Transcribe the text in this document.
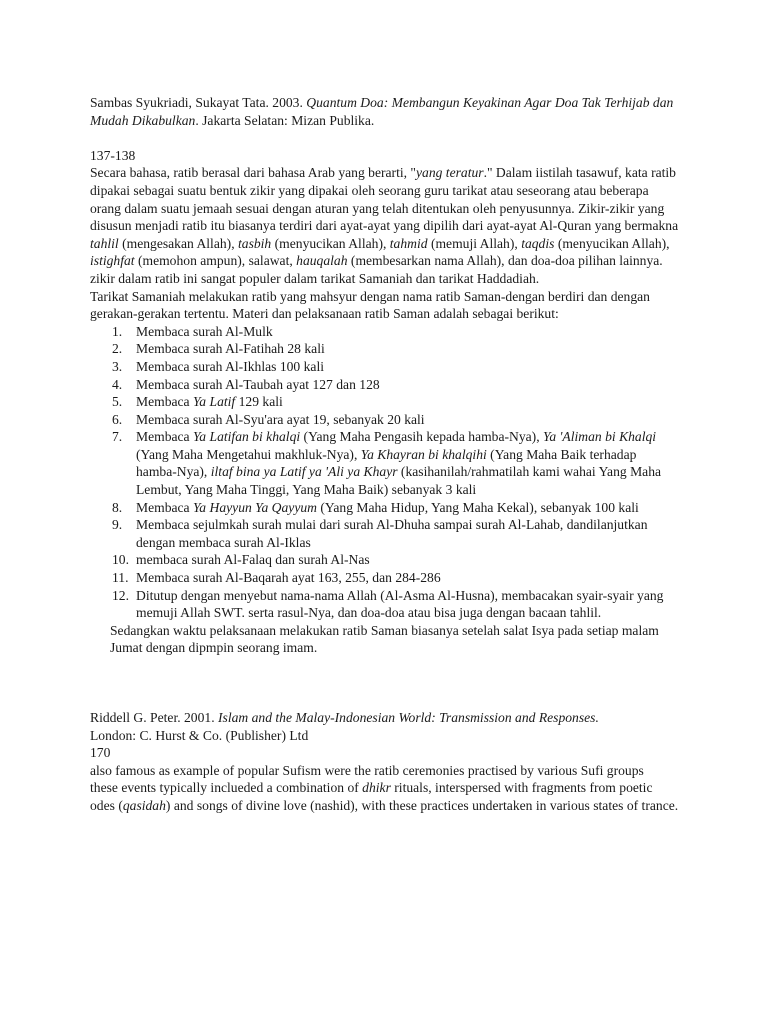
Sambas Syukriadi, Sukayat Tata. 2003. Quantum Doa: Membangun Keyakinan Agar Doa Tak Terhijab dan Mudah Dikabulkan. Jakarta Selatan: Mizan Publika.

137-138

Secara bahasa, ratib berasal dari bahasa Arab yang berarti, "yang teratur." Dalam iistilah tasawuf, kata ratib dipakai sebagai suatu bentuk zikir yang dipakai oleh seorang guru tarikat atau seseorang atau beberapa orang dalam suatu jemaah sesuai dengan aturan yang telah ditentukan oleh penyusunnya. Zikir-zikir yang disusun menjadi ratib itu biasanya terdiri dari ayat-ayat yang dipilih dari ayat-ayat Al-Quran yang bermakna tahlil (mengesakan Allah), tasbih (menyucikan Allah), tahmid (memuji Allah), taqdis (menyucikan Allah), istighfat (memohon ampun), salawat, hauqalah (membesarkan nama Allah), dan doa-doa pilihan lainnya. zikir dalam ratib ini sangat populer dalam tarikat Samaniah dan tarikat Haddadiah.

Tarikat Samaniah melakukan ratib yang mahsyur dengan nama ratib Saman-dengan berdiri dan dengan gerakan-gerakan tertentu. Materi dan pelaksanaan ratib Saman adalah sebagai berikut:

1.	Membaca surah Al-Mulk
2.	Membaca surah Al-Fatihah 28 kali
3.	Membaca surah Al-Ikhlas 100 kali
4.	Membaca surah Al-Taubah ayat 127 dan 128
5.	Membaca Ya Latif 129 kali
6.	Membaca surah Al-Syu'ara ayat 19, sebanyak 20 kali
7.	Membaca Ya Latifan bi khalqi (Yang Maha Pengasih kepada hamba-Nya), Ya 'Aliman bi Khalqi (Yang Maha Mengetahui makhluk-Nya), Ya Khayran bi khalqihi (Yang Maha Baik terhadap hamba-Nya), iltaf bina ya Latif ya 'Ali ya Khayr (kasihanilah/rahmatilah kami wahai Yang Maha Lembut, Yang Maha Tinggi, Yang Maha Baik) sebanyak 3 kali
8.	Membaca Ya Hayyun Ya Qayyum (Yang Maha Hidup, Yang Maha Kekal), sebanyak 100 kali
9.	Membaca sejulmkah surah mulai dari surah Al-Dhuha sampai surah Al-Lahab, dandilanjutkan dengan membaca surah Al-Iklas
10. membaca surah Al-Falaq dan surah Al-Nas
11. Membaca surah Al-Baqarah ayat 163, 255, dan 284-286
12. Ditutup dengan menyebut nama-nama Allah (Al-Asma Al-Husna), membacakan syair-syair yang memuji Allah SWT. serta rasul-Nya, dan doa-doa atau bisa juga dengan bacaan tahlil.

Sedangkan waktu pelaksanaan melakukan ratib Saman biasanya setelah salat Isya pada setiap malam Jumat dengan dipmpin seorang imam.

Riddell G. Peter. 2001. Islam and the Malay-Indonesian World: Transmission and Responses.
London: C. Hurst & Co. (Publisher) Ltd

170

also famous as example of popular Sufism were the ratib ceremonies practised by various Sufi groups

these events typically inclueded a combination of dhikr rituals, interspersed with fragments from poetic odes (qasidah) and songs of divine love (nashid), with these practices undertaken in various states of trance.
